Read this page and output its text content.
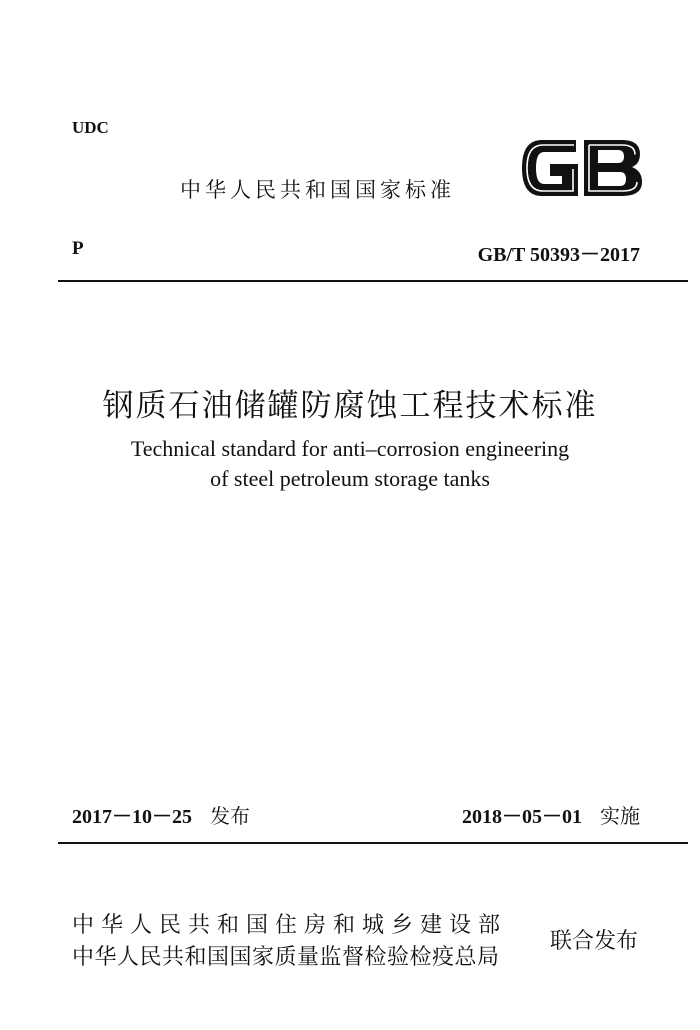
UDC
中华人民共和国国家标准
P	GB/T 50393－2017
钢质石油储罐防腐蚀工程技术标准
Technical standard for anti–corrosion engineering
of steel petroleum storage tanks
2017－10－25 发布	2018－05－01 实施
中华人民共和国住房和城乡建设部
中华人民共和国国家质量监督检验检疫总局
联合发布
